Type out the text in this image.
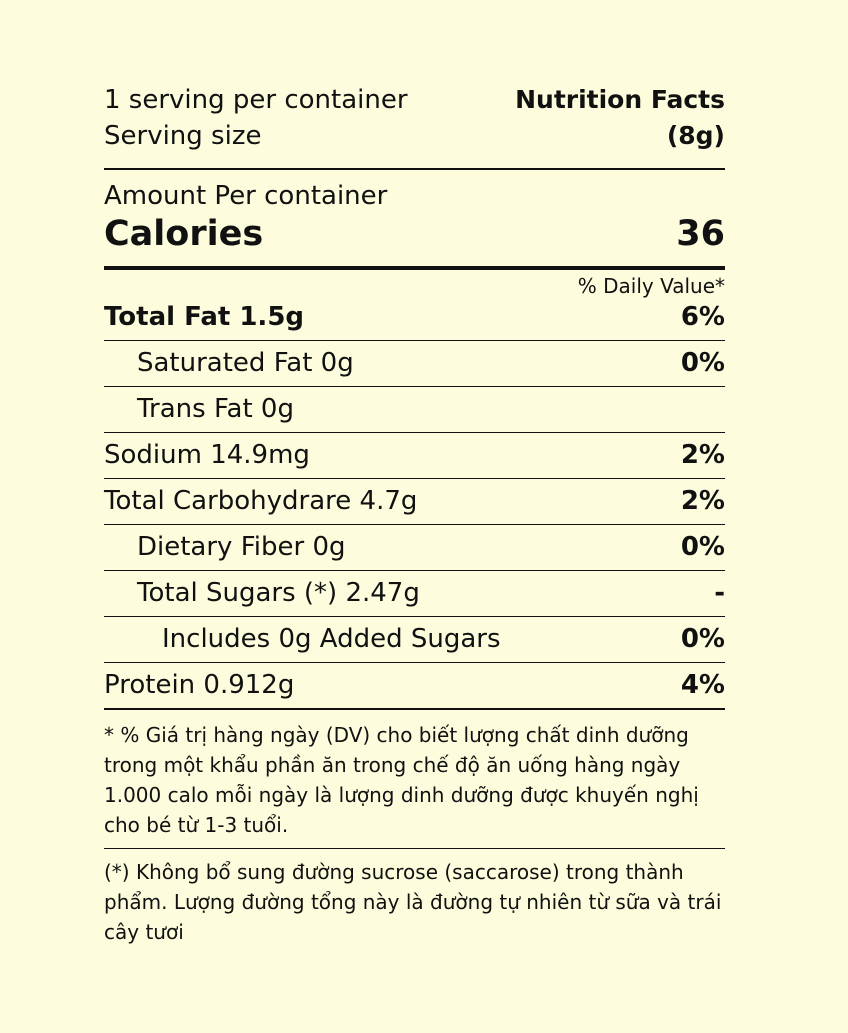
1 serving per container	Nutrition Facts
Serving size	(8g)
Amount Per container
Calories	36
% Daily Value*
Total Fat 1.5g	6%
Saturated Fat 0g	0%
Trans Fat 0g
Sodium 14.9mg	2%
Total Carbohydrare 4.7g	2%
Dietary Fiber 0g	0%
Total Sugars (*) 2.47g	-
Includes 0g Added Sugars	0%
Protein 0.912g	4%
* % Giá trị hàng ngày (DV) cho biết lượng chất dinh dưỡng trong một khẩu phần ăn trong chế độ ăn uống hàng ngày 1.000 calo mỗi ngày là lượng dinh dưỡng được khuyến nghị cho bé từ 1-3 tuổi.
(*) Không bổ sung đường sucrose (saccarose) trong thành phẩm. Lượng đường tổng này là đường tự nhiên từ sữa và trái cây tươi
